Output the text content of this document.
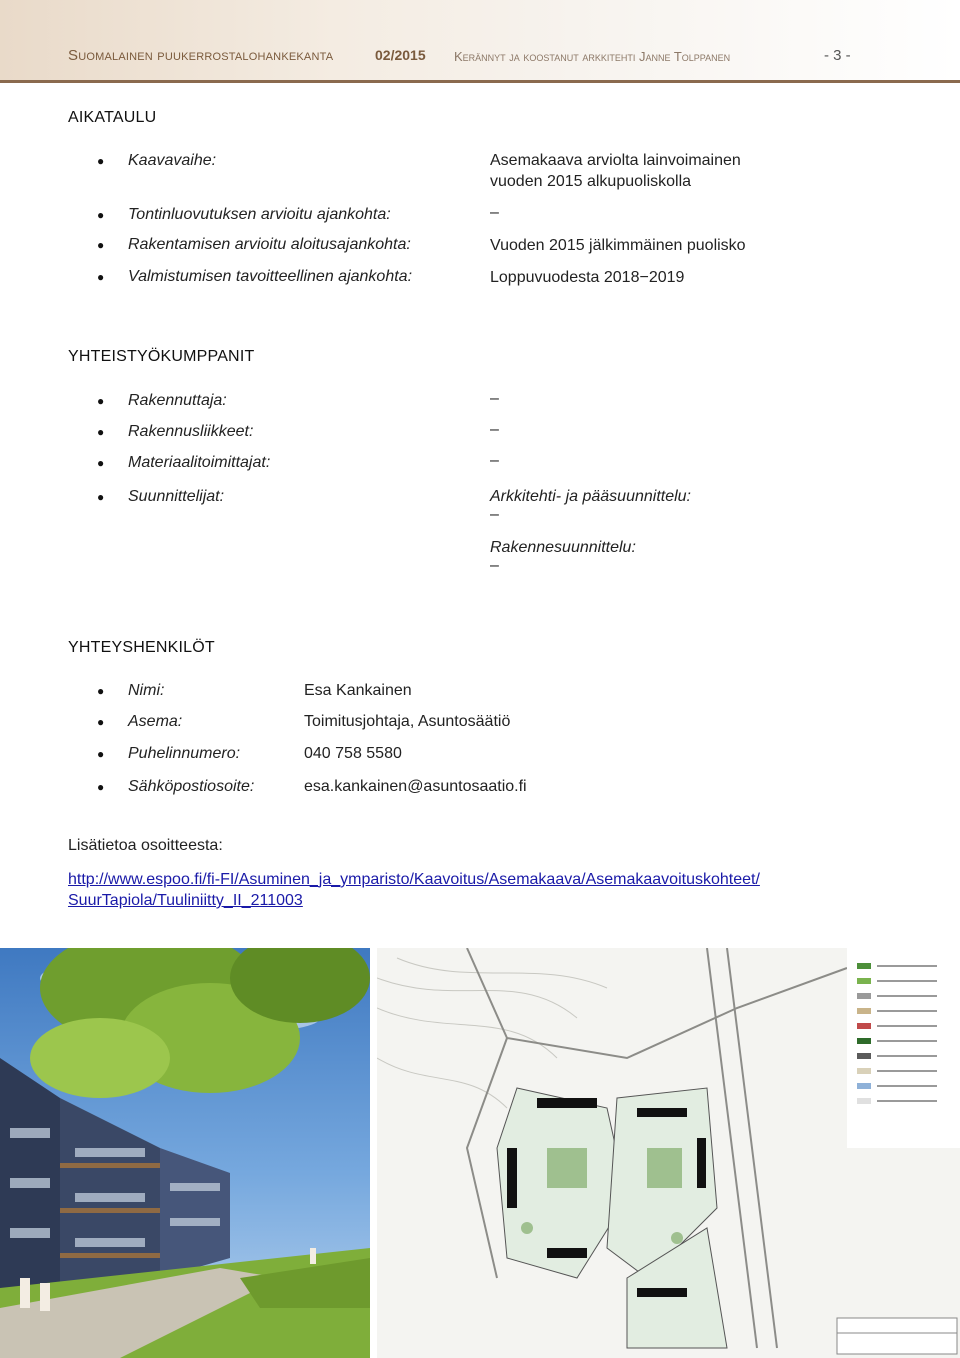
Suomalainen puukerrostalohankekanta	02/2015 Kerännyt ja koostanut arkkitehti Janne Tolppanen	- 3 -
AIKATAULU
● Kaavavaihe:	Asemakaava arviolta lainvoimainen
vuoden 2015 alkupuoliskolla
● Tontinluovutuksen arvioitu ajankohta:	–
● Rakentamisen arvioitu aloitusajankohta:	Vuoden 2015 jälkimmäinen puolisko
● Valmistumisen tavoitteellinen ajankohta:	Loppuvuodesta 2018−2019
YHTEISTYÖKUMPPANIT
● Rakennuttaja:	–
● Rakennusliikkeet:	–
● Materiaalitoimittajat:	–
● Suunnittelijat:	Arkkitehti- ja pääsuunnittelu:
–
Rakennesuunnittelu:
–
YHTEYSHENKILÖT
● Nimi:	Esa Kankainen
● Asema:	Toimitusjohtaja, Asuntosäätiö
● Puhelinnumero:	040 758 5580
● Sähköpostiosoite:	esa.kankainen@asuntosaatio.fi
Lisätietoa osoitteesta:
http://www.espoo.fi/fi-FI/Asuminen_ja_ymparisto/Kaavoitus/Asemakaava/Asemakaavoituskohteet/
SuurTapiola/Tuuliniitty_II_211003
